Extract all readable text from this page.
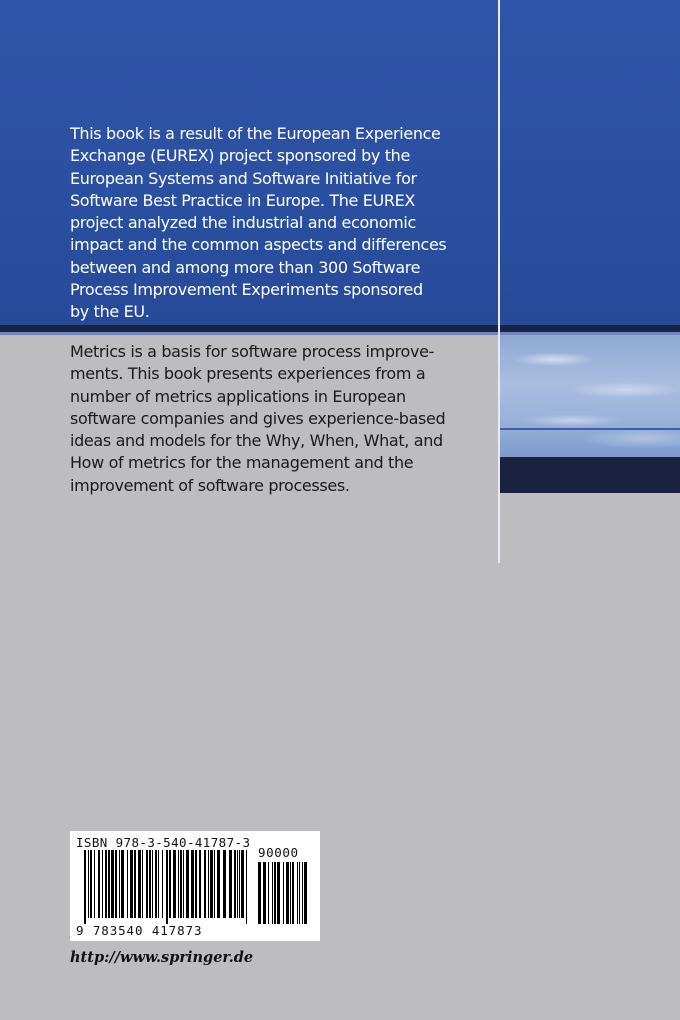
This book is a result of the European Experience
Exchange (EUREX) project sponsored by the
European Systems and Software Initiative for
Software Best Practice in Europe. The EUREX
project analyzed the industrial and economic
impact and the common aspects and differences
between and among more than 300 Software
Process Improvement Experiments sponsored
by the EU.

Metrics is a basis for software process improve-
ments. This book presents experiences from a
number of metrics applications in European
software companies and gives experience-based
ideas and models for the Why, When, What, and
How of metrics for the management and the
improvement of software processes.

ISBN 978-3-540-41787-3
90000
9 783540 417873

http://www.springer.de
